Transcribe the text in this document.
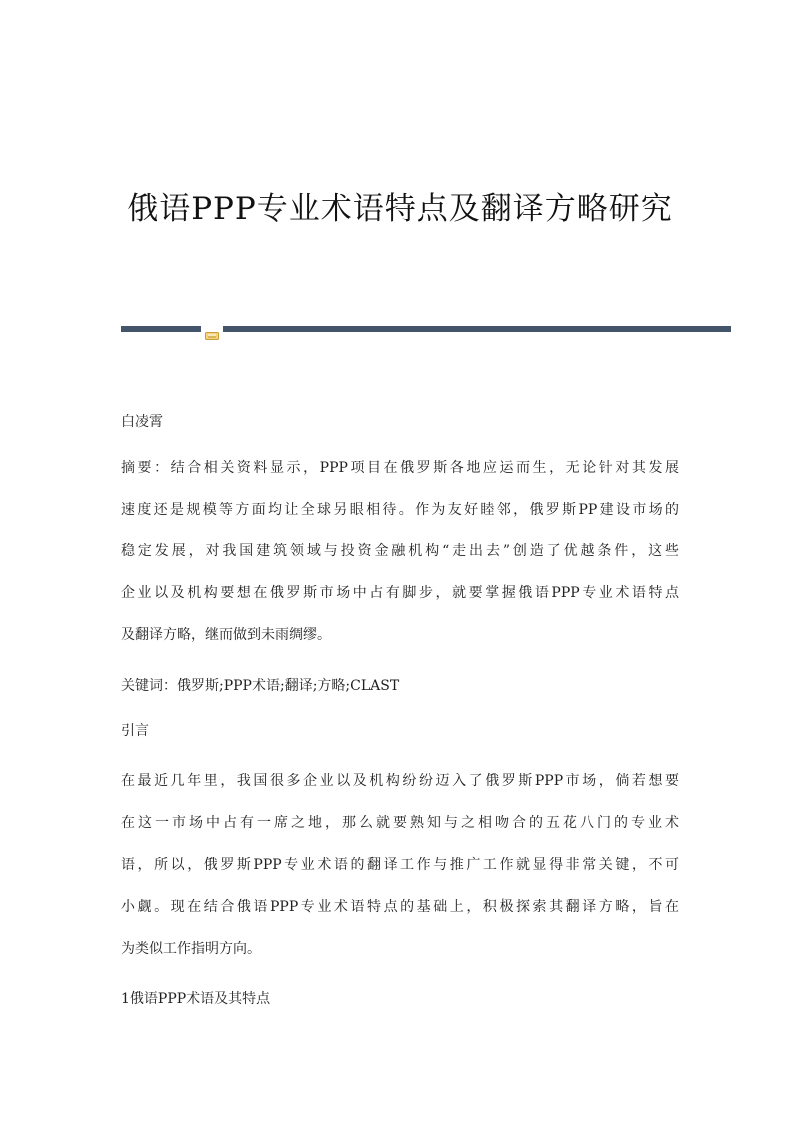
俄语PPP专业术语特点及翻译方略研究
白凌霄
摘要：结合相关资料显示，PPP项目在俄罗斯各地应运而生，无论针对其发展
速度还是规模等方面均让全球另眼相待。作为友好睦邻，俄罗斯PP建设市场的
稳定发展，对我国建筑领域与投资金融机构“走出去”创造了优越条件，这些
企业以及机构要想在俄罗斯市场中占有脚步，就要掌握俄语PPP专业术语特点
及翻译方略，继而做到未雨绸缪。
关键词：俄罗斯;PPP术语;翻译;方略;CLAST
引言
在最近几年里，我国很多企业以及机构纷纷迈入了俄罗斯PPP市场，倘若想要
在这一市场中占有一席之地，那么就要熟知与之相吻合的五花八门的专业术
语，所以，俄罗斯PPP专业术语的翻译工作与推广工作就显得非常关键，不可
小觑。现在结合俄语PPP专业术语特点的基础上，积极探索其翻译方略，旨在
为类似工作指明方向。
1俄语PPP术语及其特点
